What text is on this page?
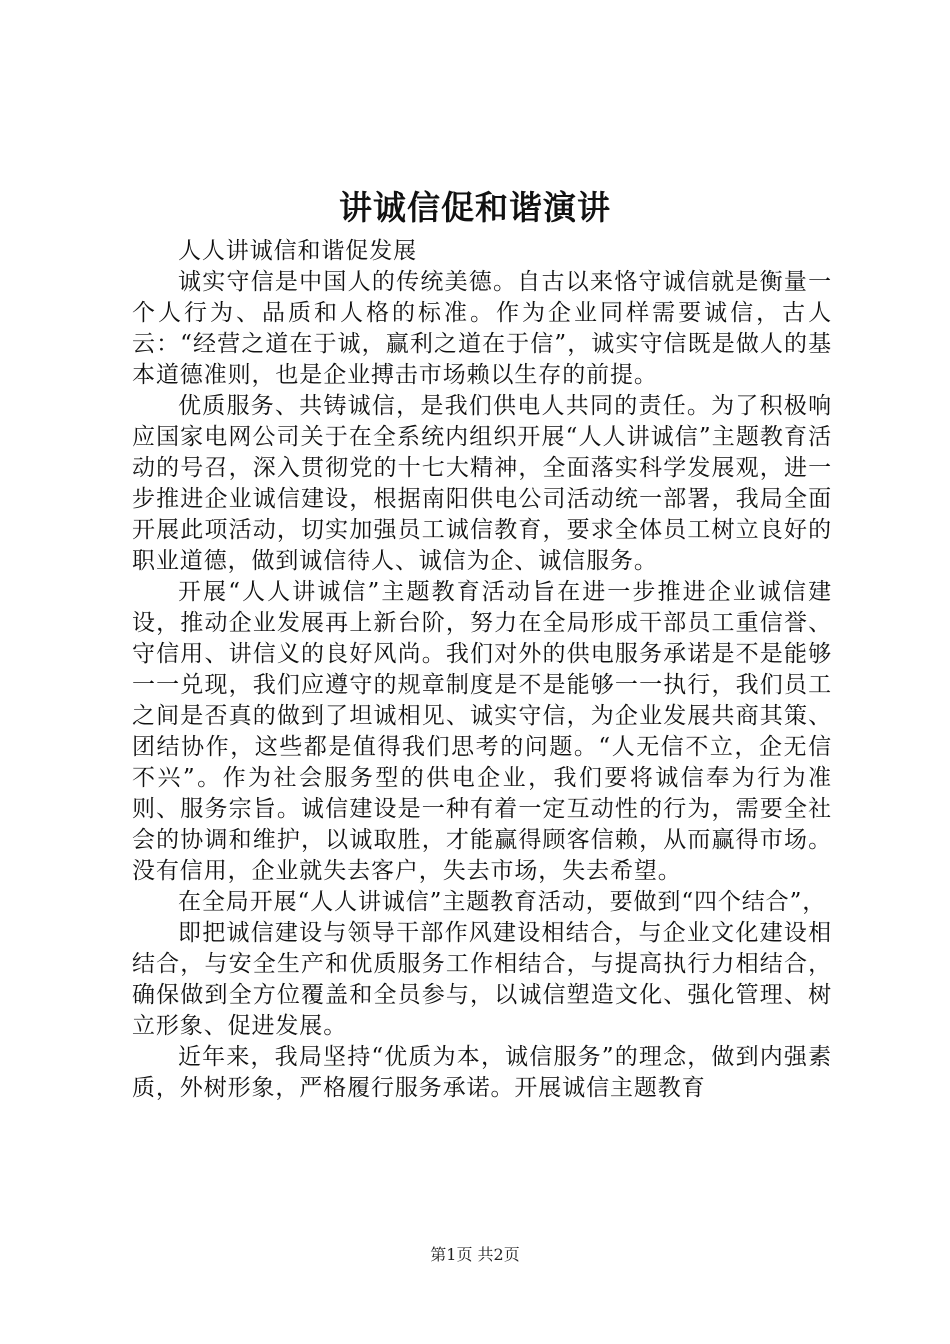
讲诚信促和谐演讲

人人讲诚信和谐促发展

诚实守信是中国人的传统美德。自古以来恪守诚信就是衡量一个人行为、品质和人格的标准。作为企业同样需要诚信，古人云：“经营之道在于诚，赢利之道在于信”，诚实守信既是做人的基本道德准则，也是企业搏击市场赖以生存的前提。

优质服务、共铸诚信，是我们供电人共同的责任。为了积极响应国家电网公司关于在全系统内组织开展“人人讲诚信”主题教育活动的号召，深入贯彻党的十七大精神，全面落实科学发展观，进一步推进企业诚信建设，根据南阳供电公司活动统一部署，我局全面开展此项活动，切实加强员工诚信教育，要求全体员工树立良好的职业道德，做到诚信待人、诚信为企、诚信服务。

开展“人人讲诚信”主题教育活动旨在进一步推进企业诚信建设，推动企业发展再上新台阶，努力在全局形成干部员工重信誉、守信用、讲信义的良好风尚。我们对外的供电服务承诺是不是能够一一兑现，我们应遵守的规章制度是不是能够一一执行，我们员工之间是否真的做到了坦诚相见、诚实守信，为企业发展共商其策、团结协作，这些都是值得我们思考的问题。“人无信不立，企无信不兴”。作为社会服务型的供电企业，我们要将诚信奉为行为准则、服务宗旨。诚信建设是一种有着一定互动性的行为，需要全社会的协调和维护，以诚取胜，才能赢得顾客信赖，从而赢得市场。没有信用，企业就失去客户，失去市场，失去希望。

在全局开展“人人讲诚信”主题教育活动，要做到“四个结合”，

即把诚信建设与领导干部作风建设相结合，与企业文化建设相结合，与安全生产和优质服务工作相结合，与提高执行力相结合，确保做到全方位覆盖和全员参与，以诚信塑造文化、强化管理、树立形象、促进发展。

近年来，我局坚持“优质为本，诚信服务”的理念，做到内强素质，外树形象，严格履行服务承诺。开展诚信主题教育

第1页 共2页
